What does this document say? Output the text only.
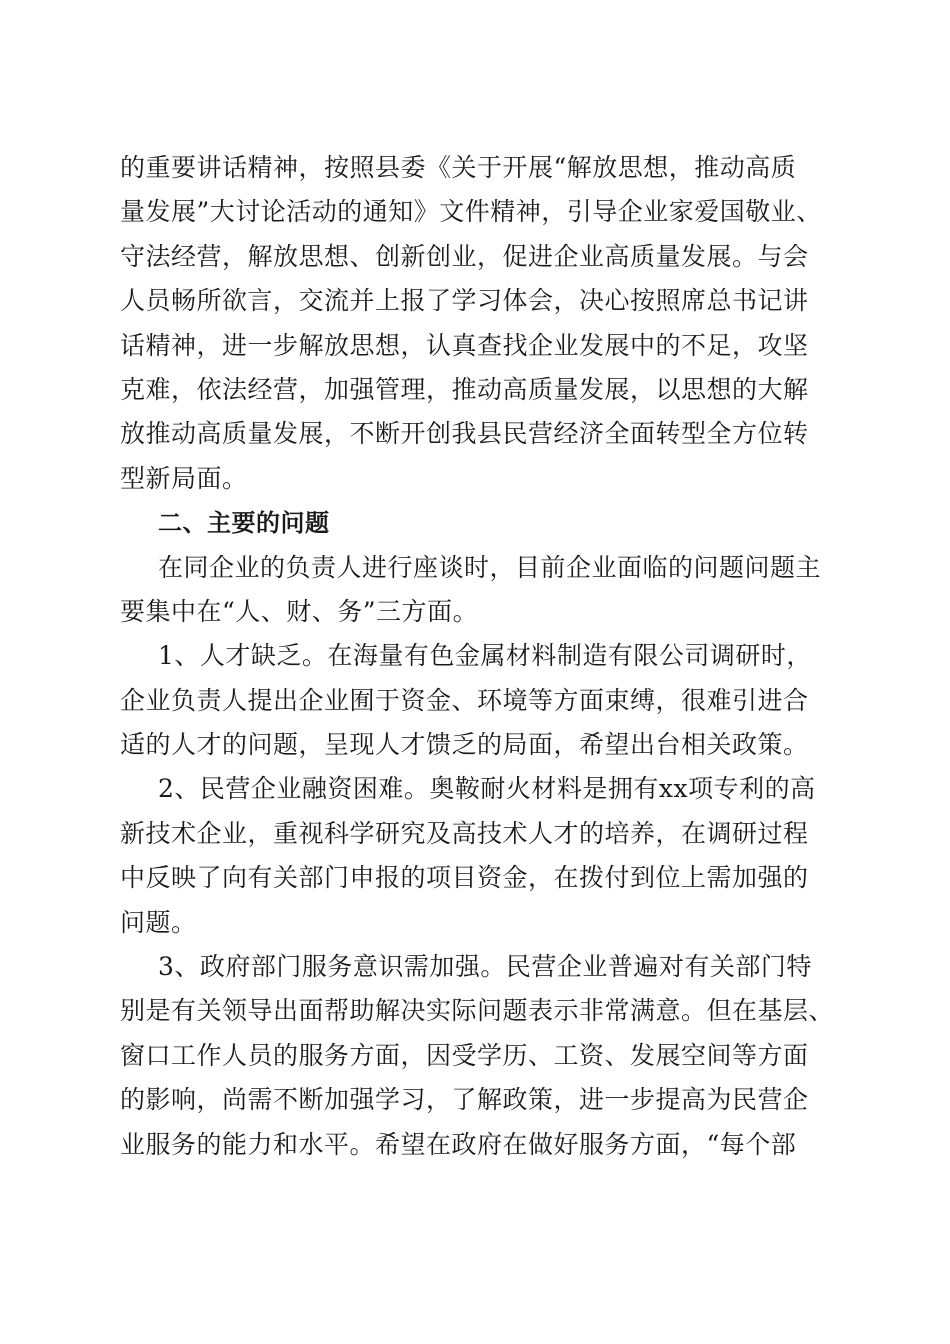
的重要讲话精神，按照县委《关于开展“解放思想，推动高质
量发展”大讨论活动的通知》文件精神，引导企业家爱国敬业、
守法经营，解放思想、创新创业，促进企业高质量发展。与会
人员畅所欲言，交流并上报了学习体会，决心按照席总书记讲
话精神，进一步解放思想，认真查找企业发展中的不足，攻坚
克难，依法经营，加强管理，推动高质量发展，以思想的大解
放推动高质量发展，不断开创我县民营经济全面转型全方位转
型新局面。
二、主要的问题
在同企业的负责人进行座谈时，目前企业面临的问题问题主
要集中在“人、财、务”三方面。
1、人才缺乏。在海量有色金属材料制造有限公司调研时，
企业负责人提出企业囿于资金、环境等方面束缚，很难引进合
适的人才的问题，呈现人才馈乏的局面，希望出台相关政策。
2、民营企业融资困难。奥鞍耐火材料是拥有xx项专利的高
新技术企业，重视科学研究及高技术人才的培养，在调研过程
中反映了向有关部门申报的项目资金，在拨付到位上需加强的
问题。
3、政府部门服务意识需加强。民营企业普遍对有关部门特
别是有关领导出面帮助解决实际问题表示非常满意。但在基层、
窗口工作人员的服务方面，因受学历、工资、发展空间等方面
的影响，尚需不断加强学习，了解政策，进一步提高为民营企
业服务的能力和水平。希望在政府在做好服务方面，“每个部
